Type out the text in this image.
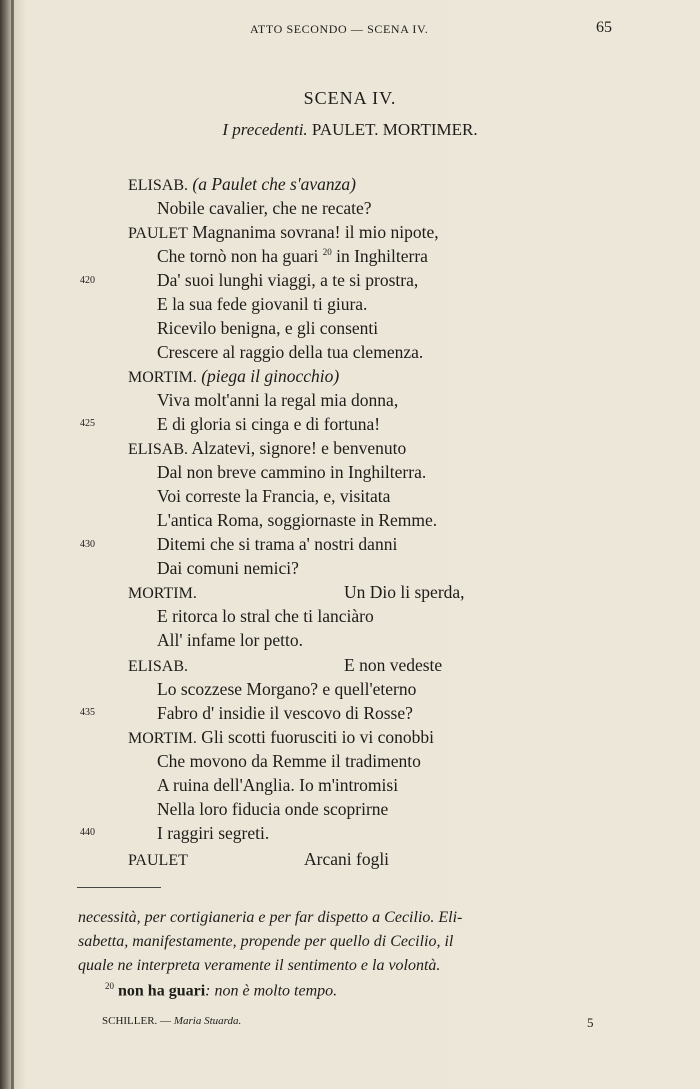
ATTO SECONDO — SCENA IV.	65
SCENA IV.
I precedenti. PAULET. MORTIMER.
ELISAB. (a Paulet che s'avanza)
Nobile cavalier, che ne recate?
PAULET Magnanima sovrana! il mio nipote,
Che tornò non ha guari $^{20}$ in Inghilterra
Da' suoi lunghi viaggi, a te si prostra,
E la sua fede giovanil ti giura.
Ricevilo benigna, e gli consenti
Crescere al raggio della tua clemenza.
MORTIM. (piega il ginocchio)
Viva molt'anni la regal mia donna,
E di gloria si cinga e di fortuna!
ELISAB. Alzatevi, signore! e benvenuto
Dal non breve cammino in Inghilterra.
Voi correste la Francia, e, visitata
L'antica Roma, soggiornaste in Remme.
Ditemi che si trama a' nostri danni
Dai comuni nemici?
MORTIM.	Un Dio li sperda,
E ritorca lo stral che ti lanciàro
All' infame lor petto.
ELISAB.	E non vedeste
Lo scozzese Morgano? e quell'eterno
Fabro d' insidie il vescovo di Rosse?
MORTIM. Gli scotti fuorusciti io vi conobbi
Che movono da Remme il tradimento
A ruina dell'Anglia. Io m'intromisi
Nella loro fiducia onde scoprirne
I raggiri segreti.
PAULET	Arcani fogli
420
425
430
435
440
necessità, per cortigianeria e per far dispetto a Cecilio. Eli-
sabetta, manifestamente, propende per quello di Cecilio, il
quale ne interpreta veramente il sentimento e la volontà.
$^{20}$ non ha guari: non è molto tempo.
SCHILLER. — Maria Stuarda.	5
